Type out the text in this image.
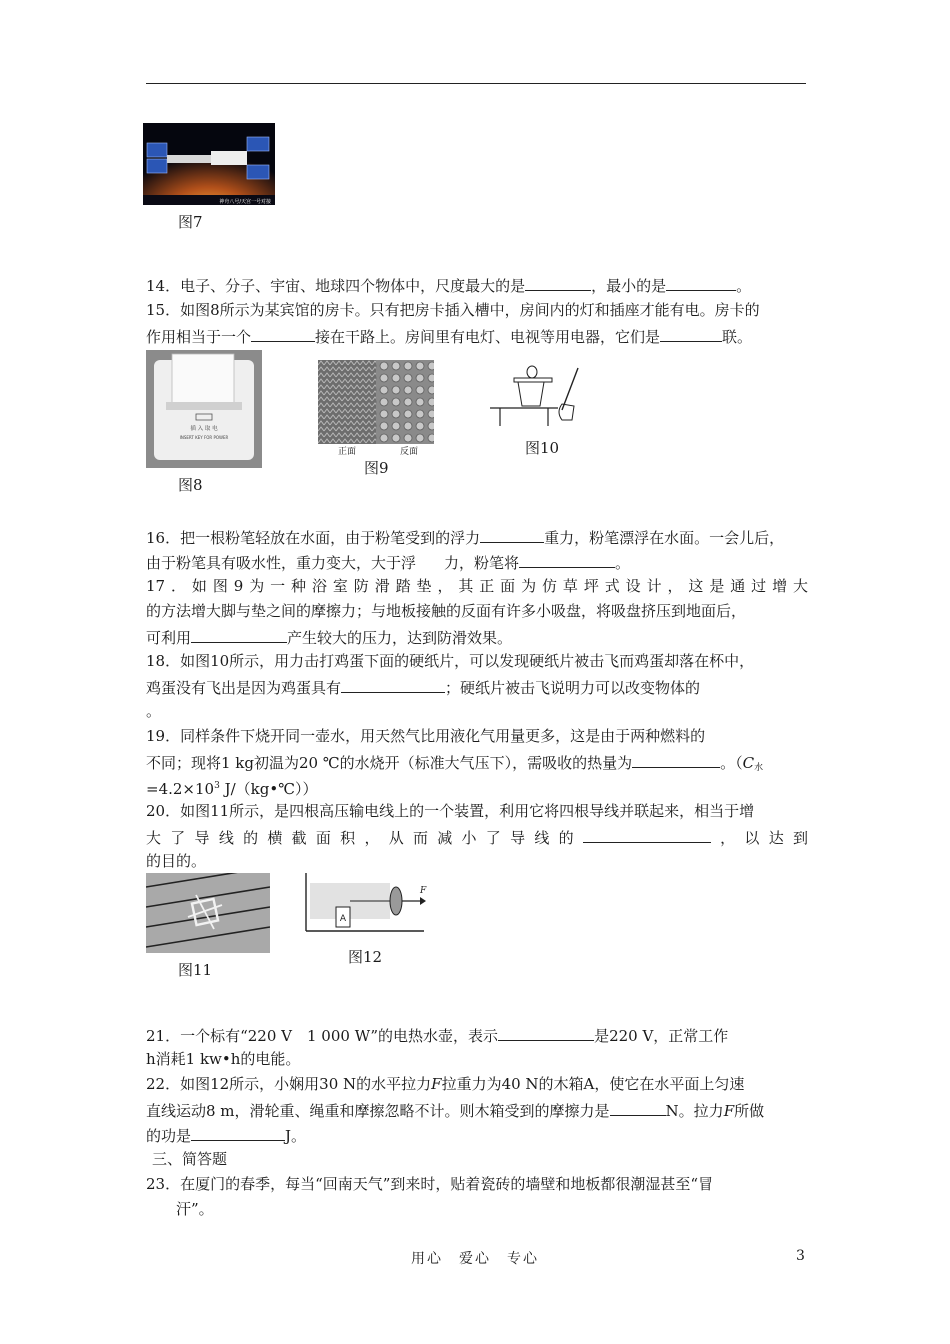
神舟八号/天宫一号对接
图7
14．电子、分子、宇宙、地球四个物体中，尺度最大的是	，最小的是	。
15．如图8所示为某宾馆的房卡。只有把房卡插入槽中，房间内的灯和插座才能有电。房卡的
作用相当于一个	接在干路上。房间里有电灯、电视等用电器，它们是	联。
插 入 取 电
INSERT KEY FOR POWER
图8
正面	反面
图9
图10
16．把一根粉笔轻放在水面，由于粉笔受到的浮力	重力，粉笔漂浮在水面。一会儿后，
由于粉笔具有吸水性，重力变大，大于浮 力，粉笔将	。
17．如图9为一种浴室防滑踏垫，其正面为仿草坪式设计，这是通过增大
的方法增大脚与垫之间的摩擦力；与地板接触的反面有许多小吸盘，将吸盘挤压到地面后，
可利用	产生较大的压力，达到防滑效果。
18．如图10所示，用力击打鸡蛋下面的硬纸片，可以发现硬纸片被击飞而鸡蛋却落在杯中，
鸡蛋没有飞出是因为鸡蛋具有	；硬纸片被击飞说明力可以改变物体的
。
19．同样条件下烧开同一壶水，用天然气比用液化气用量更多，这是由于两种燃料的
不同；现将1 kg初温为20 ℃的水烧开（标准大气压下），需吸收的热量为	。（$C_水$
$=4.2\times 10^3$ J/（kg•℃））
20．如图11所示，是四根高压输电线上的一个装置，利用它将四根导线并联起来，相当于增
大了导线的横截面积，从而减小了导线的	，以达到
的目的。
图11
A
F
图12
21．一个标有“220 V　1 000 W”的电热水壶，表示	是220 V，正常工作
h消耗1 kw•h的电能。
22．如图12所示，小娴用30 N的水平拉力F拉重力为40 N的木箱A，使它在水平面上匀速
直线运动8 m，滑轮重、绳重和摩擦忽略不计。则木箱受到的摩擦力是	N。拉力F所做
的功是	J。
三、简答题
23．在厦门的春季，每当“回南天气”到来时，贴着瓷砖的墙壁和地板都很潮湿甚至“冒
汗”。
用心　爱心　专心	3
